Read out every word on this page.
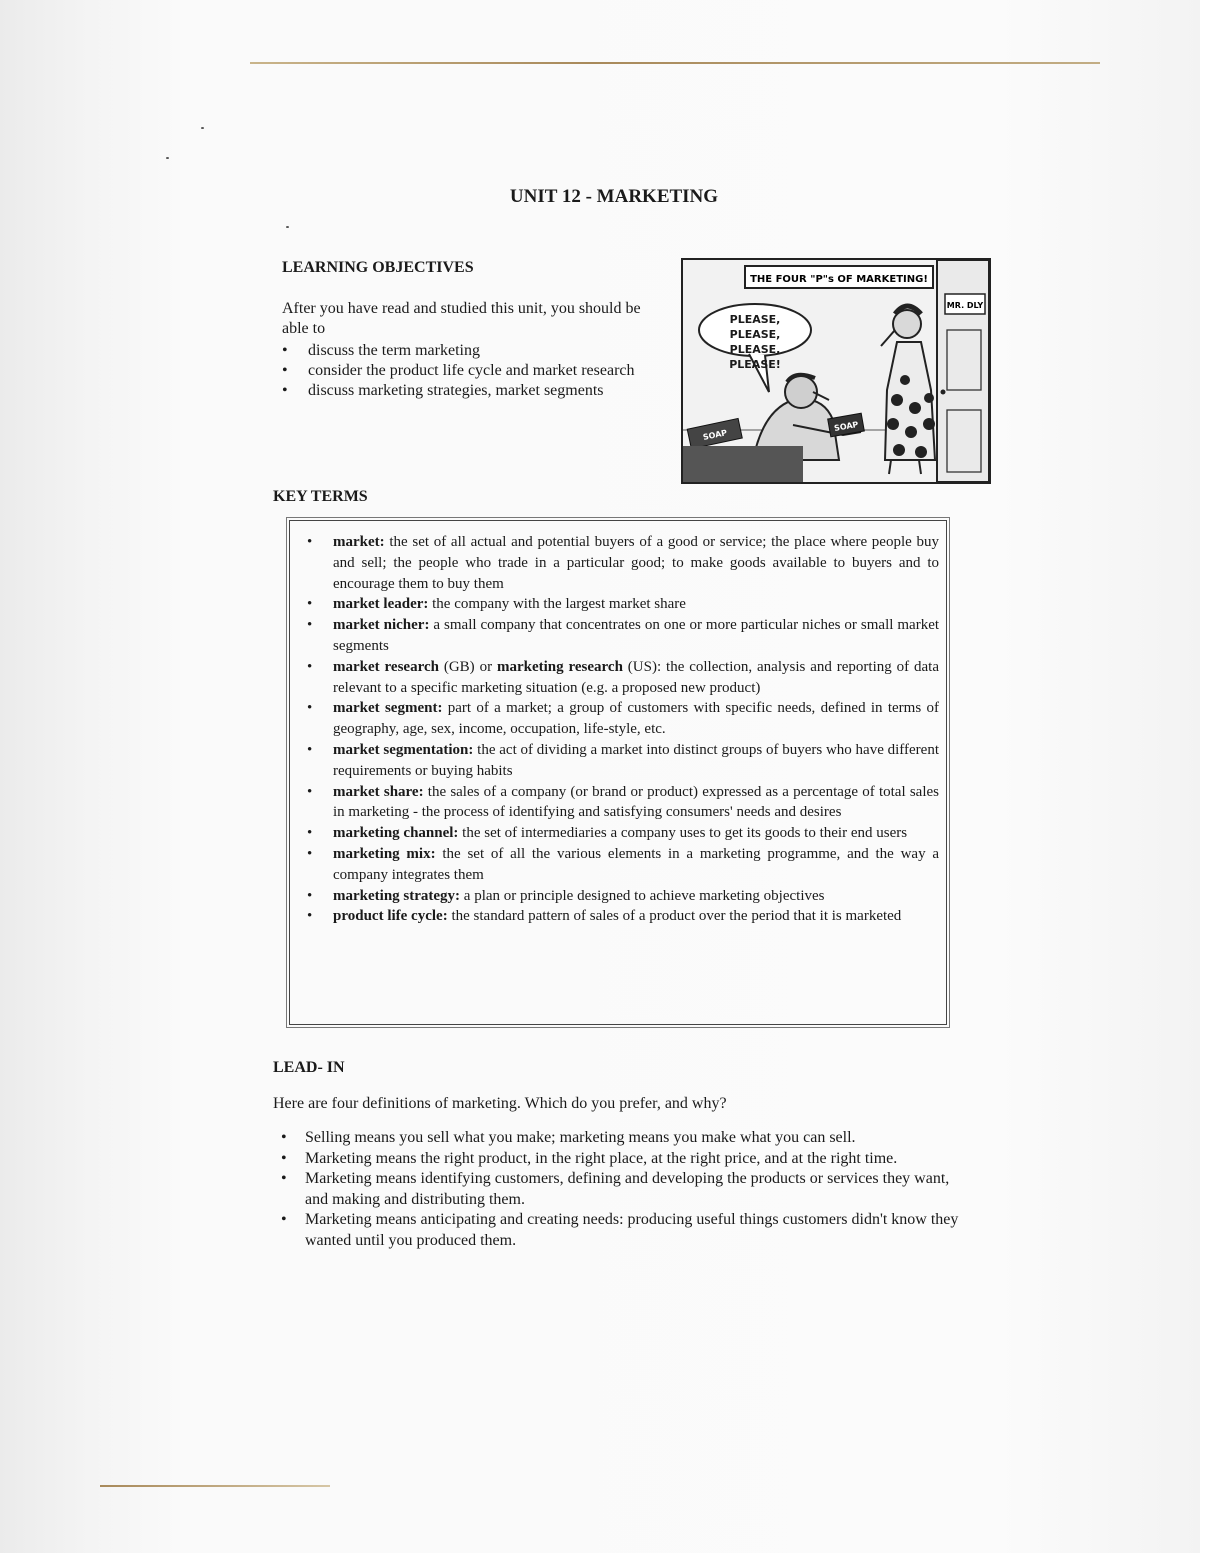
UNIT 12 - MARKETING
LEARNING OBJECTIVES
After you have read and studied this unit, you should be able to
• discuss the term marketing
• consider the product life cycle and market research
• discuss marketing strategies, market segments
MR. DLY
THE FOUR "P"s OF MARKETING!
PLEASE, PLEASE, PLEASE, PLEASE!
SOAP
SOAP
KEY TERMS
• market: the set of all actual and potential buyers of a good or service; the place where people buy and sell; the people who trade in a particular good; to make goods available to buyers and to encourage them to buy them
• market leader: the company with the largest market share
• market nicher: a small company that concentrates on one or more particular niches or small market segments
• market research (GB) or marketing research (US): the collection, analysis and reporting of data relevant to a specific marketing situation (e.g. a proposed new product)
• market segment: part of a market; a group of customers with specific needs, defined in terms of geography, age, sex, income, occupation, life-style, etc.
• market segmentation: the act of dividing a market into distinct groups of buyers who have different requirements or buying habits
• market share: the sales of a company (or brand or product) expressed as a percentage of total sales in marketing - the process of identifying and satisfying consumers' needs and desires
• marketing channel: the set of intermediaries a company uses to get its goods to their end users
• marketing mix: the set of all the various elements in a marketing programme, and the way a company integrates them
• marketing strategy: a plan or principle designed to achieve marketing objectives
• product life cycle: the standard pattern of sales of a product over the period that it is marketed
LEAD- IN
Here are four definitions of marketing. Which do you prefer, and why?
• Selling means you sell what you make; marketing means you make what you can sell.
• Marketing means the right product, in the right place, at the right price, and at the right time.
• Marketing means identifying customers, defining and developing the products or services they want, and making and distributing them.
• Marketing means anticipating and creating needs: producing useful things customers didn't know they wanted until you produced them.
